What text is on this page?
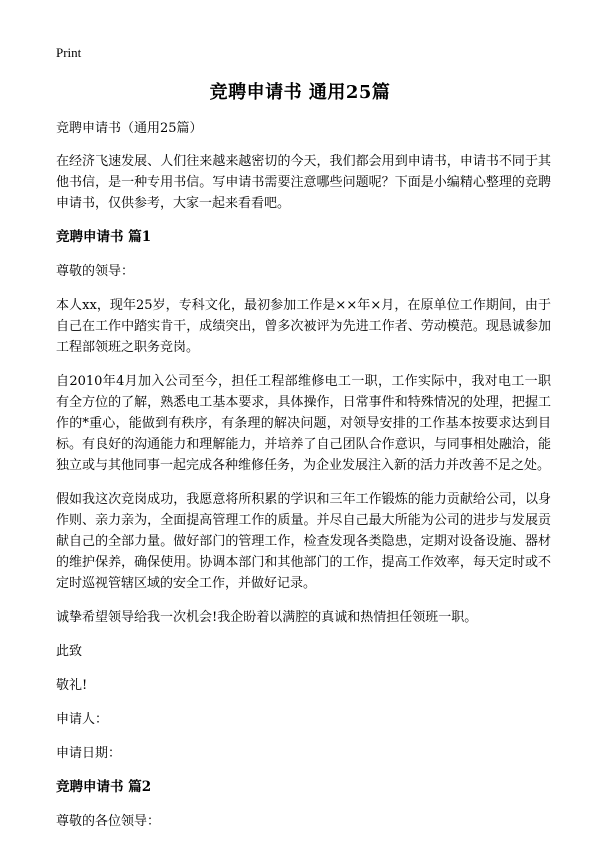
Print
竞聘申请书 通用25篇

竞聘申请书（通用25篇）

在经济飞速发展、人们往来越来越密切的今天，我们都会用到申请书，申请书不同于其他书信，是一种专用书信。写申请书需要注意哪些问题呢？下面是小编精心整理的竞聘申请书，仅供参考，大家一起来看看吧。

竞聘申请书 篇1

尊敬的领导：

本人xx，现年25岁，专科文化，最初参加工作是××年×月，在原单位工作期间，由于自己在工作中踏实肯干，成绩突出，曾多次被评为先进工作者、劳动模范。现恳诚参加工程部领班之职务竞岗。

自2010年4月加入公司至今，担任工程部维修电工一职，工作实际中，我对电工一职有全方位的了解，熟悉电工基本要求，具体操作，日常事件和特殊情况的处理，把握工作的*重心，能做到有秩序，有条理的解决问题，对领导安排的工作基本按要求达到目标。有良好的沟通能力和理解能力，并培养了自己团队合作意识，与同事相处融洽，能独立或与其他同事一起完成各种维修任务，为企业发展注入新的活力并改善不足之处。

假如我这次竞岗成功，我愿意将所积累的学识和三年工作锻炼的能力贡献给公司，以身作则、亲力亲为，全面提高管理工作的质量。并尽自己最大所能为公司的进步与发展贡献自己的全部力量。做好部门的管理工作，检查发现各类隐患，定期对设备设施、器材的维护保养，确保使用。协调本部门和其他部门的工作，提高工作效率，每天定时或不定时巡视管辖区域的安全工作，并做好记录。

诚挚希望领导给我一次机会!我企盼着以满腔的真诚和热情担任领班一职。

此致

敬礼!

申请人：

申请日期：

竞聘申请书 篇2

尊敬的各位领导：
